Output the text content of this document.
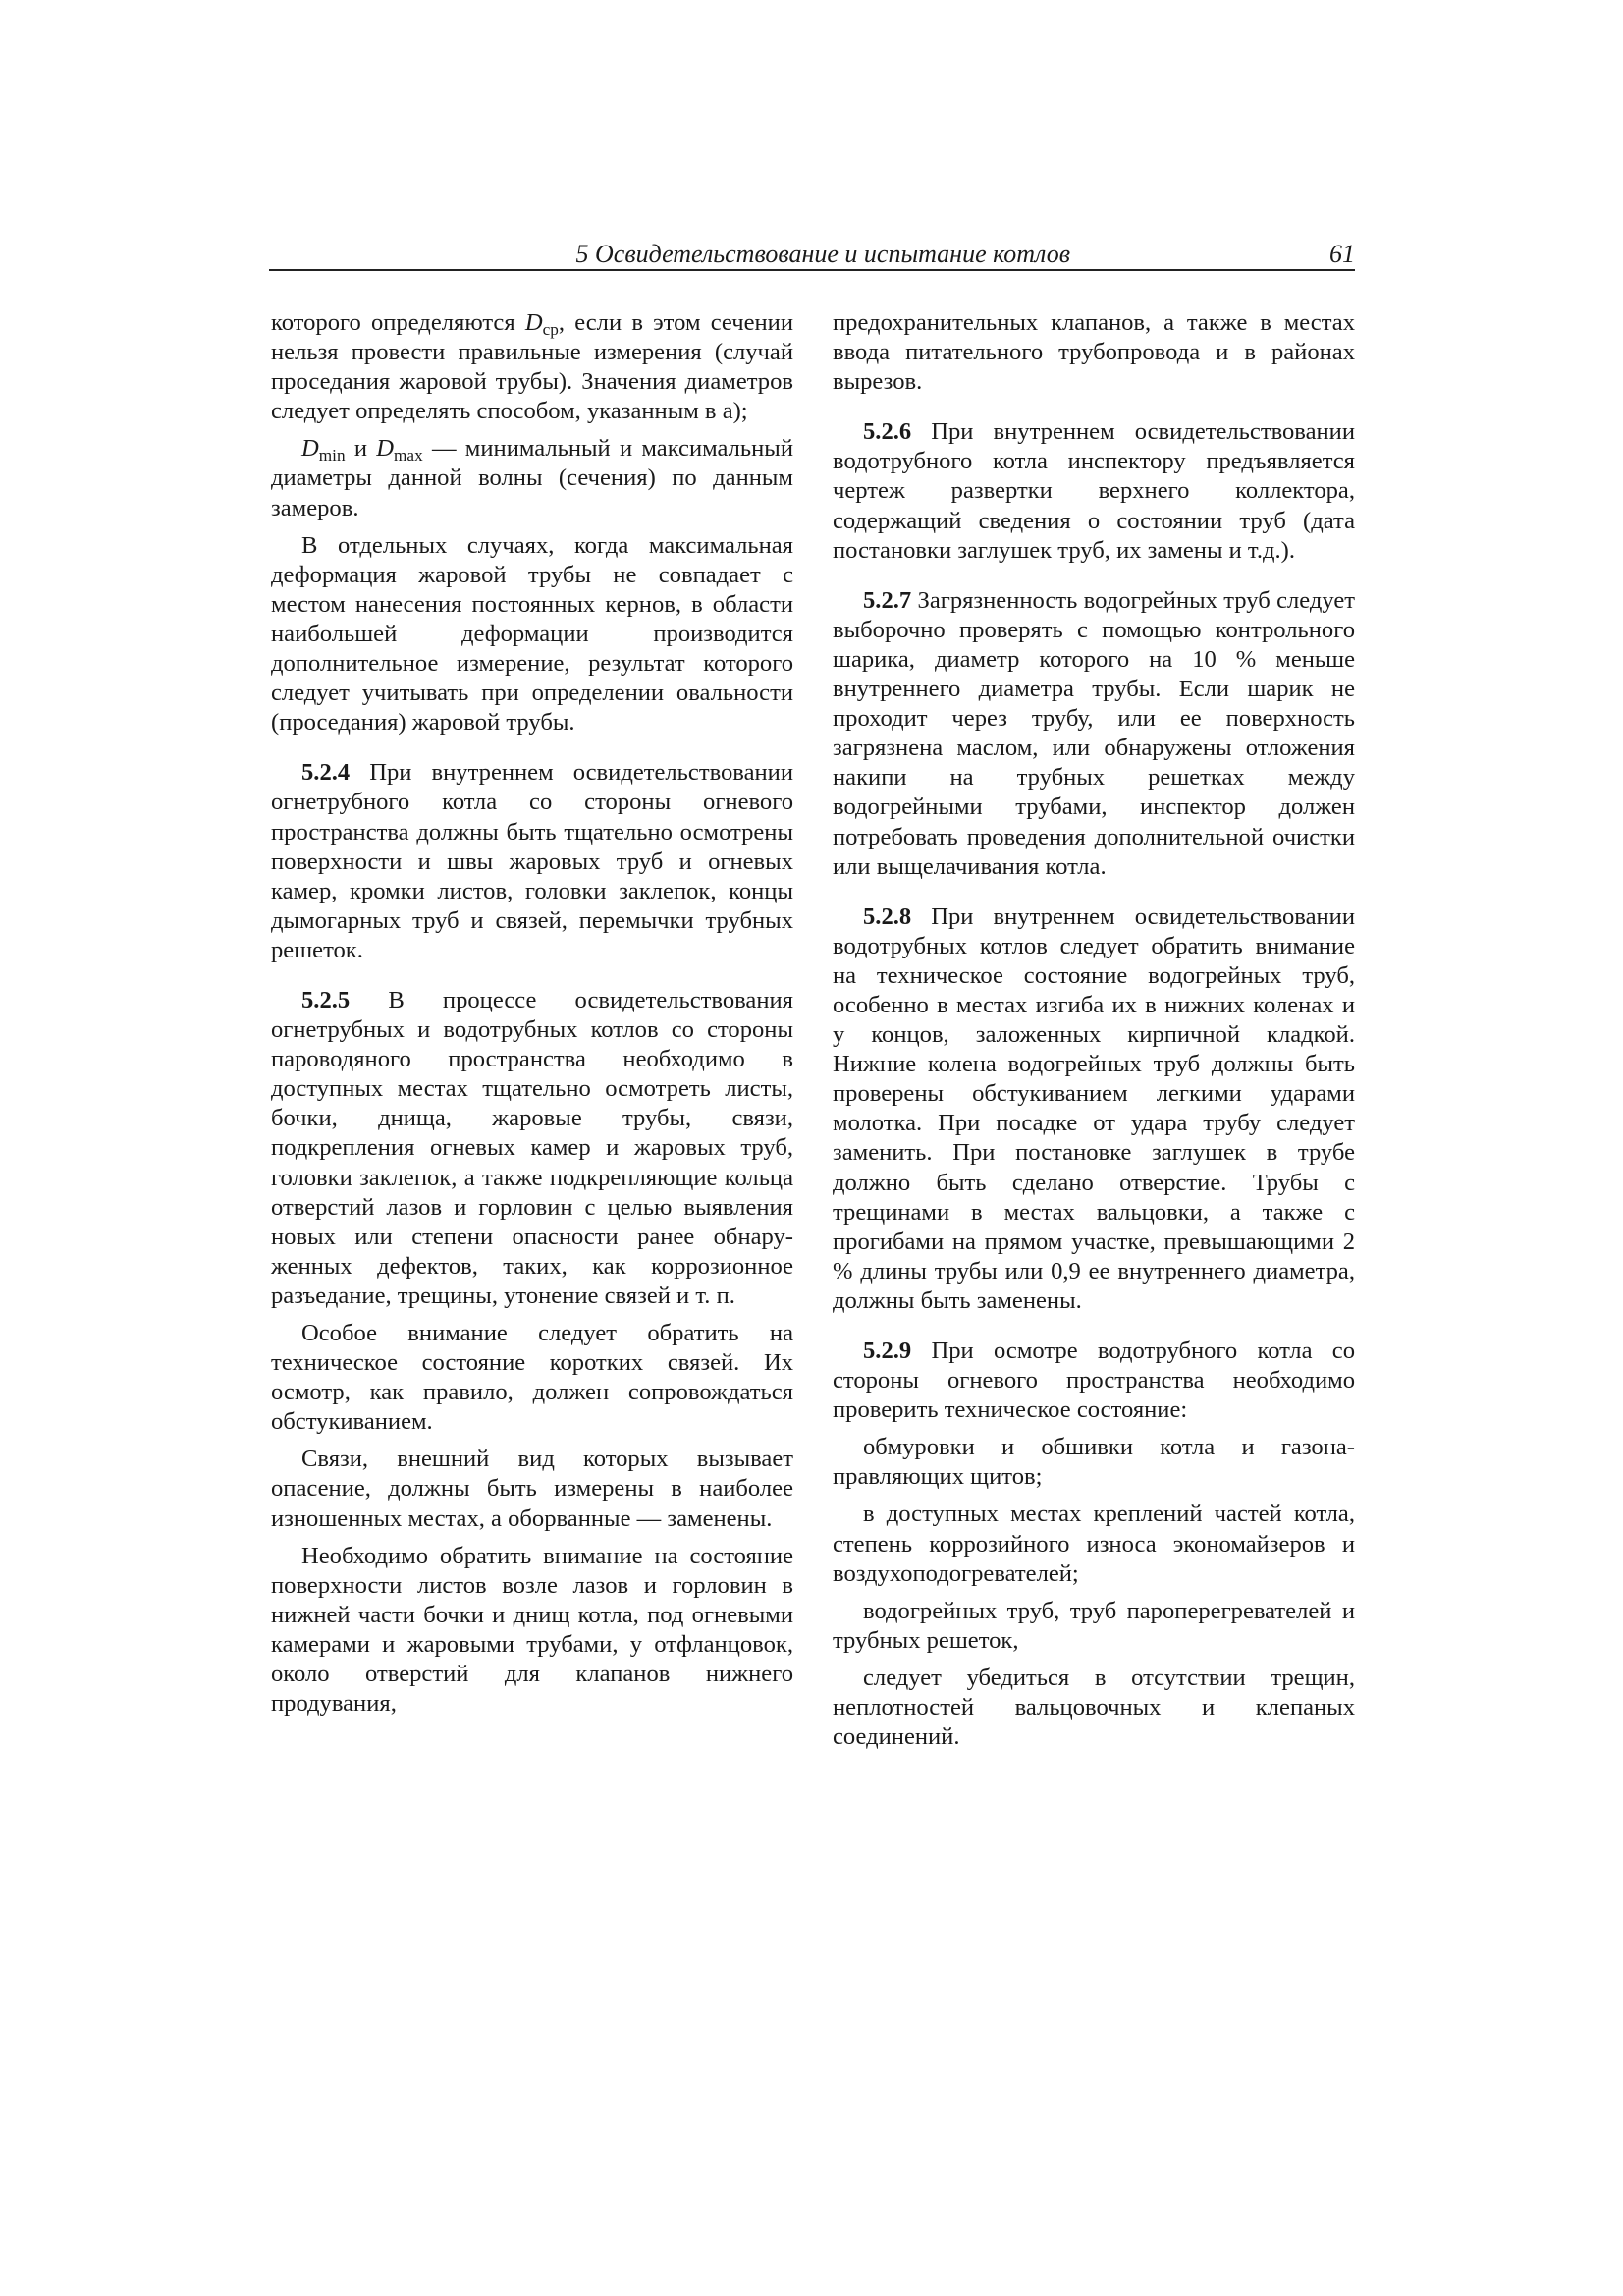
5 Освидетельствование и испытание котлов	61

которого определяются $D_{ср}$, если в этом сечении нельзя провести правильные измерения (случай проседания жаровой трубы). Значения диаметров следует определять способом, указанным в а);

$D_{min}$ и $D_{max}$ — минимальный и максимальный диаметры данной волны (сечения) по данным замеров.

В отдельных случаях, когда максимальная деформация жаровой трубы не совпадает с местом нанесения постоянных кернов, в области наибольшей деформации производится дополнительное измерение, результат которого следует учитывать при определении овальности (проседания) жаровой трубы.

5.2.4 При внутреннем освидетельствовании огнетрубного котла со стороны огневого пространства должны быть тщательно осмотрены поверхности и швы жаровых труб и огневых камер, кромки листов, головки заклепок, концы дымогарных труб и связей, перемычки трубных решеток.

5.2.5 В процессе освидетельствования огнетрубных и водотрубных котлов со стороны пароводяного пространства необходимо в доступных местах тщательно осмотреть листы, бочки, днища, жаровые трубы, связи, подкрепления огневых камер и жаровых труб, головки заклепок, а также подкрепляющие кольца отверстий лазов и горловин с целью выявления новых или степени опасности ранее обнаруженных дефектов, таких, как коррозионное разъедание, трещины, утонение связей и т. п.

Особое внимание следует обратить на техническое состояние коротких связей. Их осмотр, как правило, должен сопровождаться обстукиванием.

Связи, внешний вид которых вызывает опасение, должны быть измерены в наиболее изношенных местах, а оборванные — заменены.

Необходимо обратить внимание на состояние поверхности листов возле лазов и горловин в нижней части бочки и днищ котла, под огневыми камерами и жаровыми трубами, у отфланцовок, около отверстий для клапанов нижнего продувания,

предохранительных клапанов, а также в местах ввода питательного трубопровода и в районах вырезов.

5.2.6 При внутреннем освидетельствовании водотрубного котла инспектору предъявляется чертеж развертки верхнего коллектора, содержащий сведения о состоянии труб (дата постановки заглушек труб, их замены и т.д.).

5.2.7 Загрязненность водогрейных труб следует выборочно проверять с помощью контрольного шарика, диаметр которого на 10 % меньше внутреннего диаметра трубы. Если шарик не проходит через трубу, или ее поверхность загрязнена маслом, или обнаружены отложения накипи на трубных решетках между водогрейными трубами, инспектор должен потребовать проведения дополнительной очистки или выщелачивания котла.

5.2.8 При внутреннем освидетельствовании водотрубных котлов следует обратить внимание на техническое состояние водогрейных труб, особенно в местах изгиба их в нижних коленах и у концов, заложенных кирпичной кладкой. Нижние колена водогрейных труб должны быть проверены обстукиванием легкими ударами молотка. При посадке от удара трубу следует заменить. При постановке заглушек в трубе должно быть сделано отверстие. Трубы с трещинами в местах вальцовки, а также с прогибами на прямом участке, превышающими 2 % длины трубы или 0,9 ее внутреннего диаметра, должны быть заменены.

5.2.9 При осмотре водотрубного котла со стороны огневого пространства необходимо проверить техническое состояние:

обмуровки и обшивки котла и газонаправляющих щитов;

в доступных местах креплений частей котла, степень коррозийного износа экономайзеров и воздухоподогревателей;

водогрейных труб, труб пароперегревателей и трубных решеток,

следует убедиться в отсутствии трещин, неплотностей вальцовочных и клепаных соединений.
